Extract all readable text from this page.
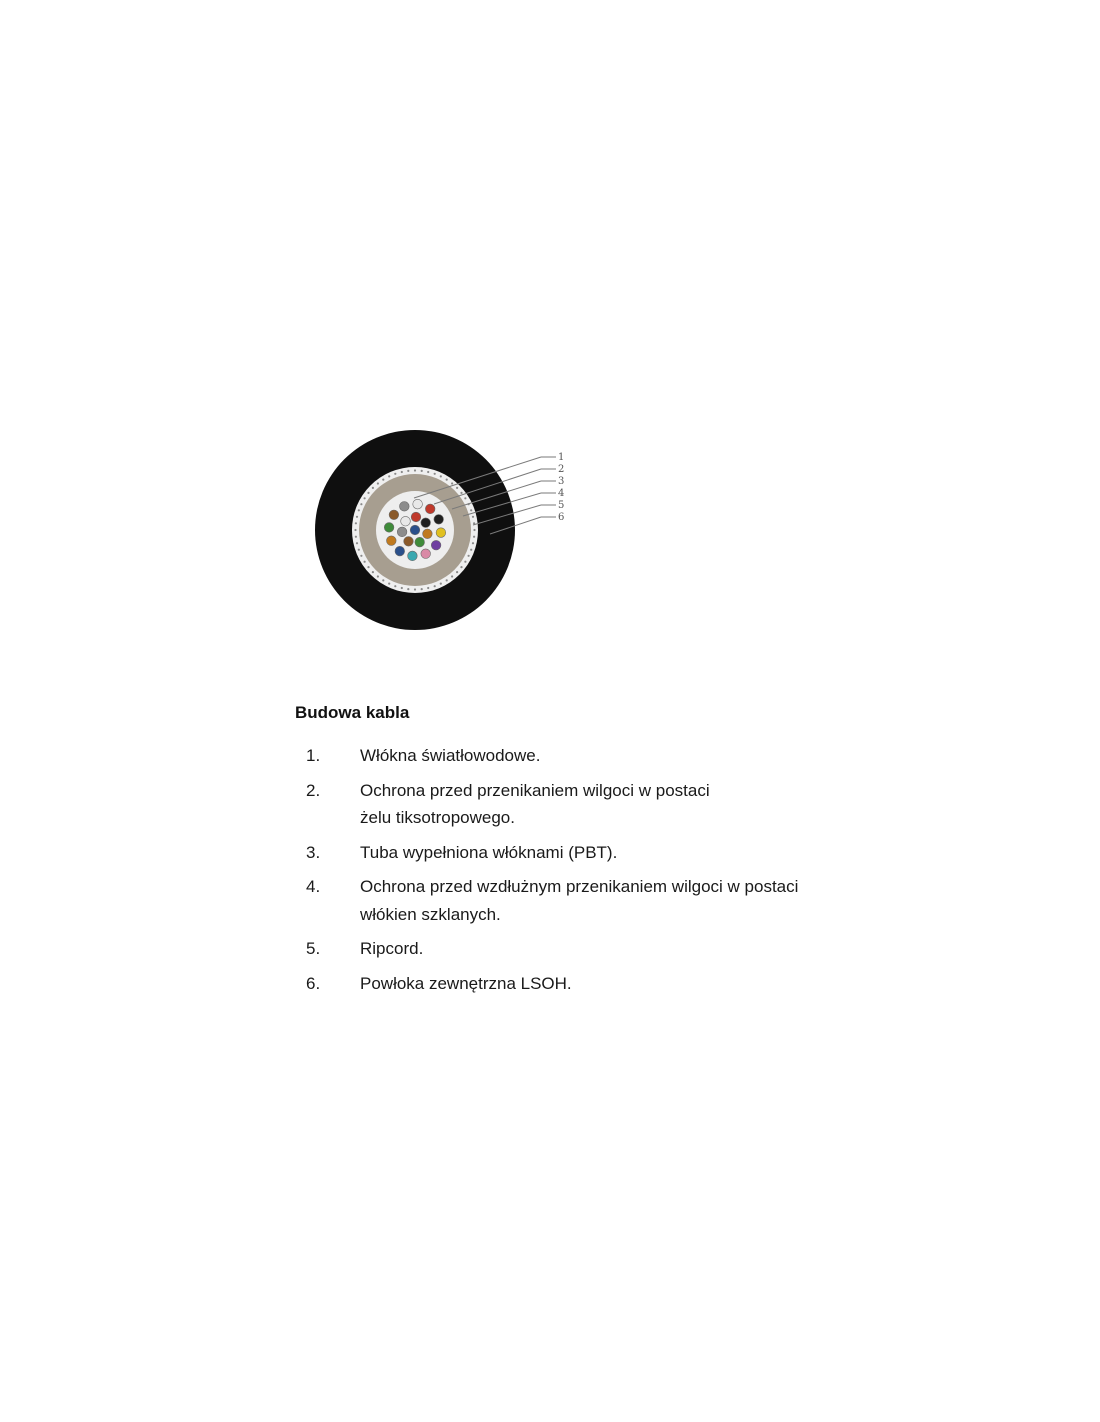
1
2
3
4
5
6
Budowa kabla
1.	Włókna światłowodowe.
2.	Ochrona przed przenikaniem wilgoci w postaci
żelu tiksotropowego.
3.	Tuba wypełniona włóknami (PBT).
4.	Ochrona przed wzdłużnym przenikaniem wilgoci w postaci
włókien szklanych.
5.	Ripcord.
6.	Powłoka zewnętrzna LSOH.
